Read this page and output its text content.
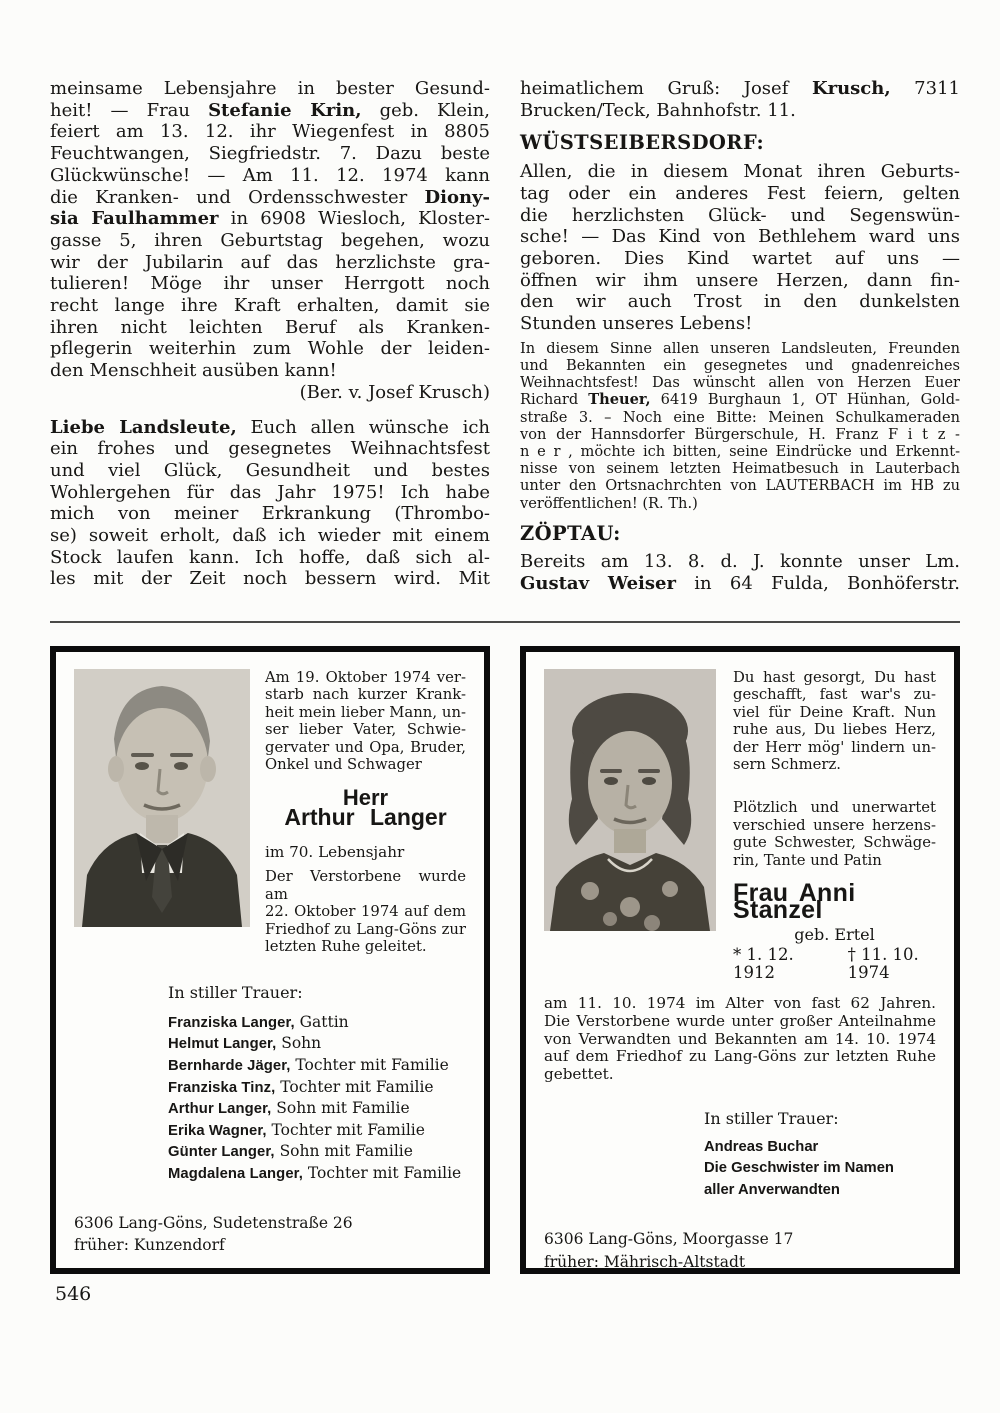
meinsame Lebensjahre in bester Gesund-
heit! — Frau Stefanie Krin, geb. Klein,
feiert am 13. 12. ihr Wiegenfest in 8805
Feuchtwangen, Siegfriedstr. 7. Dazu beste
Glückwünsche! — Am 11. 12. 1974 kann
die Kranken- und Ordensschwester Diony-
sia Faulhammer in 6908 Wiesloch, Kloster-
gasse 5, ihren Geburtstag begehen, wozu
wir der Jubilarin auf das herzlichste gra-
tulieren! Möge ihr unser Herrgott noch
recht lange ihre Kraft erhalten, damit sie
ihren nicht leichten Beruf als Kranken-
pflegerin weiterhin zum Wohle der leiden-
den Menschheit ausüben kann!
(Ber. v. Josef Krusch)
Liebe Landsleute, Euch allen wünsche ich
ein frohes und gesegnetes Weihnachtsfest
und viel Glück, Gesundheit und bestes
Wohlergehen für das Jahr 1975! Ich habe
mich von meiner Erkrankung (Thrombo-
se) soweit erholt, daß ich wieder mit einem
Stock laufen kann. Ich hoffe, daß sich al-
les mit der Zeit noch bessern wird. Mit
heimatlichem Gruß: Josef Krusch, 7311
Brucken/Teck, Bahnhofstr. 11.
WÜSTSEIBERSDORF:
Allen, die in diesem Monat ihren Geburts-
tag oder ein anderes Fest feiern, gelten
die herzlichsten Glück- und Segenswün-
sche! — Das Kind von Bethlehem ward uns
geboren. Dies Kind wartet auf uns —
öffnen wir ihm unsere Herzen, dann fin-
den wir auch Trost in den dunkelsten
Stunden unseres Lebens!
In diesem Sinne allen unseren Landsleuten, Freunden
und Bekannten ein gesegnetes und gnadenreiches
Weihnachtsfest! Das wünscht allen von Herzen Euer
Richard Theuer, 6419 Burghaun 1, OT Hünhan, Gold-
straße 3. – Noch eine Bitte: Meinen Schulkameraden
von der Hannsdorfer Bürgerschule, H. Franz F i t z -
n e r , möchte ich bitten, seine Eindrücke und Erkennt-
nisse von seinem letzten Heimatbesuch in Lauterbach
unter den Ortsnachrchten von LAUTERBACH im HB zu
veröffentlichen! (R. Th.)
ZÖPTAU:
Bereits am 13. 8. d. J. konnte unser Lm.
Gustav Weiser in 64 Fulda, Bonhöferstr.
Am 19. Oktober 1974 ver-
starb nach kurzer Krank-
heit mein lieber Mann, un-
ser lieber Vater, Schwie-
gervater und Opa, Bruder,
Onkel und Schwager
Herr
Arthur Langer
im 70. Lebensjahr
Der Verstorbene wurde am
22. Oktober 1974 auf dem
Friedhof zu Lang-Göns zur
letzten Ruhe geleitet.
In stiller Trauer:
Franziska Langer, Gattin
Helmut Langer, Sohn
Bernharde Jäger, Tochter mit Familie
Franziska Tinz, Tochter mit Familie
Arthur Langer, Sohn mit Familie
Erika Wagner, Tochter mit Familie
Günter Langer, Sohn mit Familie
Magdalena Langer, Tochter mit Familie
6306 Lang-Göns, Sudetenstraße 26
früher: Kunzendorf
Du hast gesorgt, Du hast
geschafft, fast war's zu-
viel für Deine Kraft. Nun
ruhe aus, Du liebes Herz,
der Herr mög' lindern un-
sern Schmerz.
Plötzlich und unerwartet
verschied unsere herzens-
gute Schwester, Schwäge-
rin, Tante und Patin
Frau Anni Stanzel
geb. Ertel
* 1. 12. 1912
† 11. 10. 1974
am 11. 10. 1974 im Alter von fast 62 Jahren.
Die Verstorbene wurde unter großer Anteilnahme
von Verwandten und Bekannten am 14. 10. 1974
auf dem Friedhof zu Lang-Göns zur letzten Ruhe
gebettet.
In stiller Trauer:
Andreas Buchar
Die Geschwister im Namen
aller Anverwandten
6306 Lang-Göns, Moorgasse 17
früher: Mährisch-Altstadt
546
